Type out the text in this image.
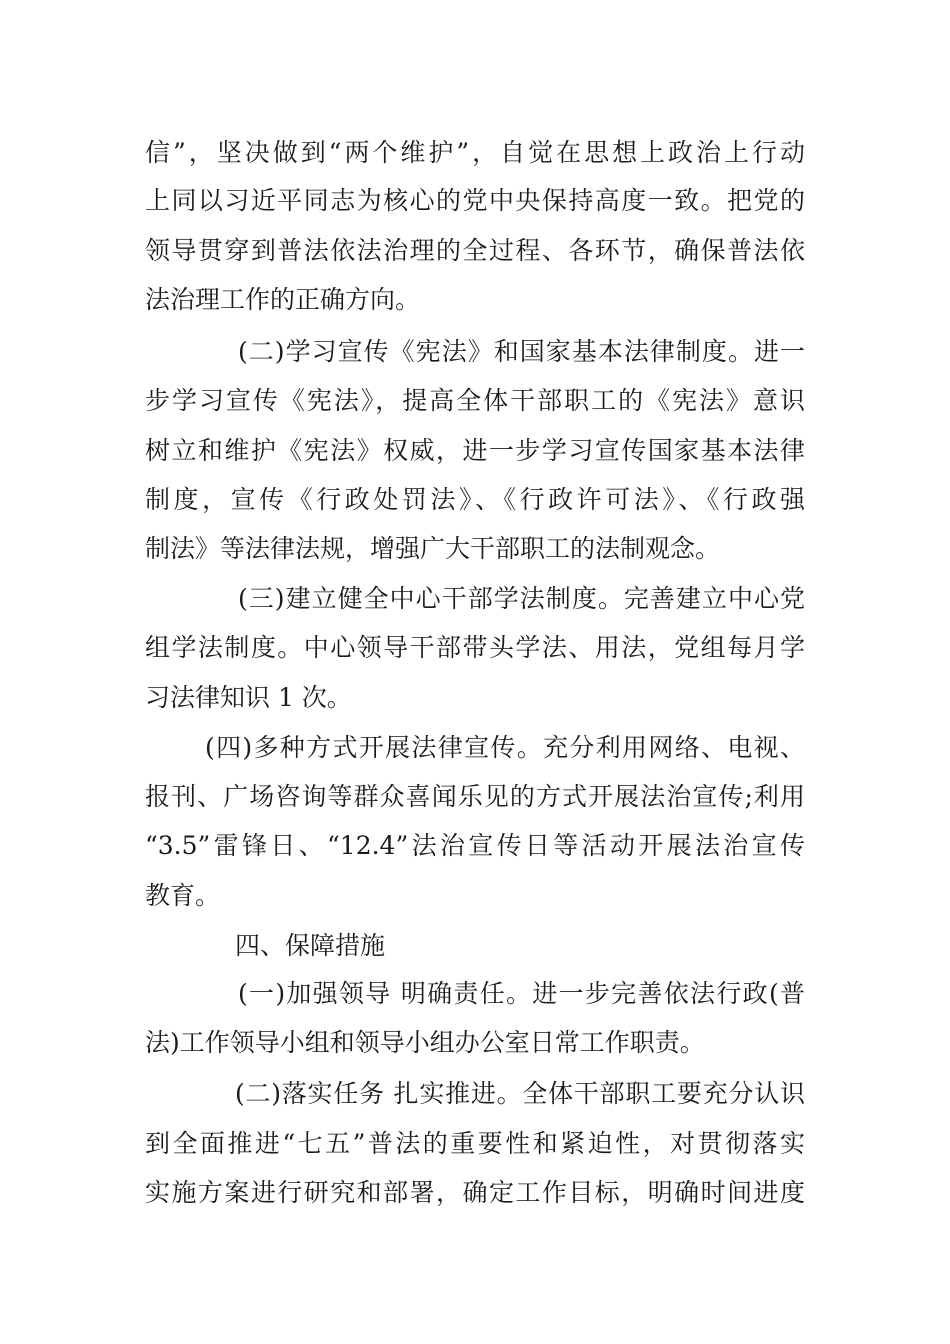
信”，坚决做到“两个维护”，自觉在思想上政治上行动
上同以习近平同志为核心的党中央保持高度一致。把党的
领导贯穿到普法依法治理的全过程、各环节，确保普法依
法治理工作的正确方向。
(二)学习宣传《宪法》和国家基本法律制度。进一
步学习宣传《宪法》，提高全体干部职工的《宪法》意识
树立和维护《宪法》权威，进一步学习宣传国家基本法律
制度，宣传《行政处罚法》、《行政许可法》、《行政强
制法》等法律法规，增强广大干部职工的法制观念。
(三)建立健全中心干部学法制度。完善建立中心党
组学法制度。中心领导干部带头学法、用法，党组每月学
习法律知识 1 次。
(四)多种方式开展法律宣传。充分利用网络、电视、
报刊、广场咨询等群众喜闻乐见的方式开展法治宣传;利用
“3.5”雷锋日、“12.4”法治宣传日等活动开展法治宣传
教育。
四、保障措施
(一)加强领导 明确责任。进一步完善依法行政(普
法)工作领导小组和领导小组办公室日常工作职责。
(二)落实任务 扎实推进。全体干部职工要充分认识
到全面推进“七五”普法的重要性和紧迫性，对贯彻落实
实施方案进行研究和部署，确定工作目标，明确时间进度
